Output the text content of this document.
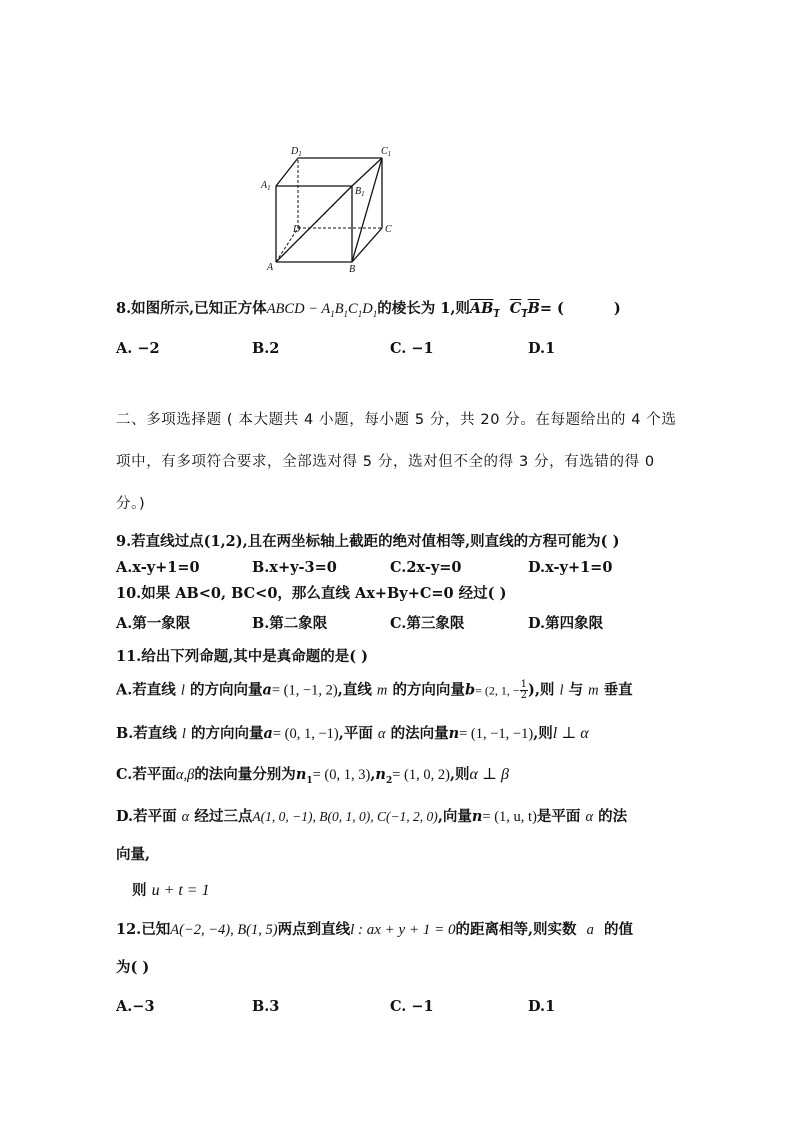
$D_1$	$C_1$
$A_1$	$B_1$
D	C
A	B
8.如图所示,已知正方体ABCD − $A_1B_1C_1D_1$的棱长为 1,则$AB_1$ $C_1B=$ (	)
A. −2	B.2	C. −1	D.1
二、多项选择题 ( 本大题共 4 小题，每小题 5 分，共 20 分。在每题给出的 4 个选
项中，有多项符合要求，全部选对得 5 分，选对但不全的得 3 分，有选错的得 0
分。)
9.若直线过点(1,2),且在两坐标轴上截距的绝对值相等,则直线的方程可能为( )
A.x-y+1=0	B.x+y-3=0	C.2x-y=0	D.x-y+1=0
10.如果 AB<0, BC<0，那么直线 Ax+By+C=0 经过( )
A.第一象限	B.第二象限	C.第三象限	D.第四象限
11.给出下列命题,其中是真命题的是( )
A.若直线 l 的方向向量a= (1, −1, 2),直线 m 的方向向量b= (2, 1, − $\frac{1}{2}$ ),则 l 与 m 垂直
B.若直线 l 的方向向量a= (0, 1, −1),平面 α 的法向量n= (1, −1, −1),则l ⊥ α
C.若平面α,β的法向量分别为$n_1= (0$, 1, $3),n_2= (1$, 0, 2),则α ⊥ β
D.若平面 α 经过三点A(1, 0, −1), B(0, 1, 0), C(−1, 2, 0),向量n= (1, u, t)是平面 α 的法
向量,
则 u + t = 1
12.已知A(−2, −4), B(1, 5)两点到直线l : ax + y + 1 = 0的距离相等,则实数 a 的值
为( )
A.−3	B.3	C. −1	D.1
